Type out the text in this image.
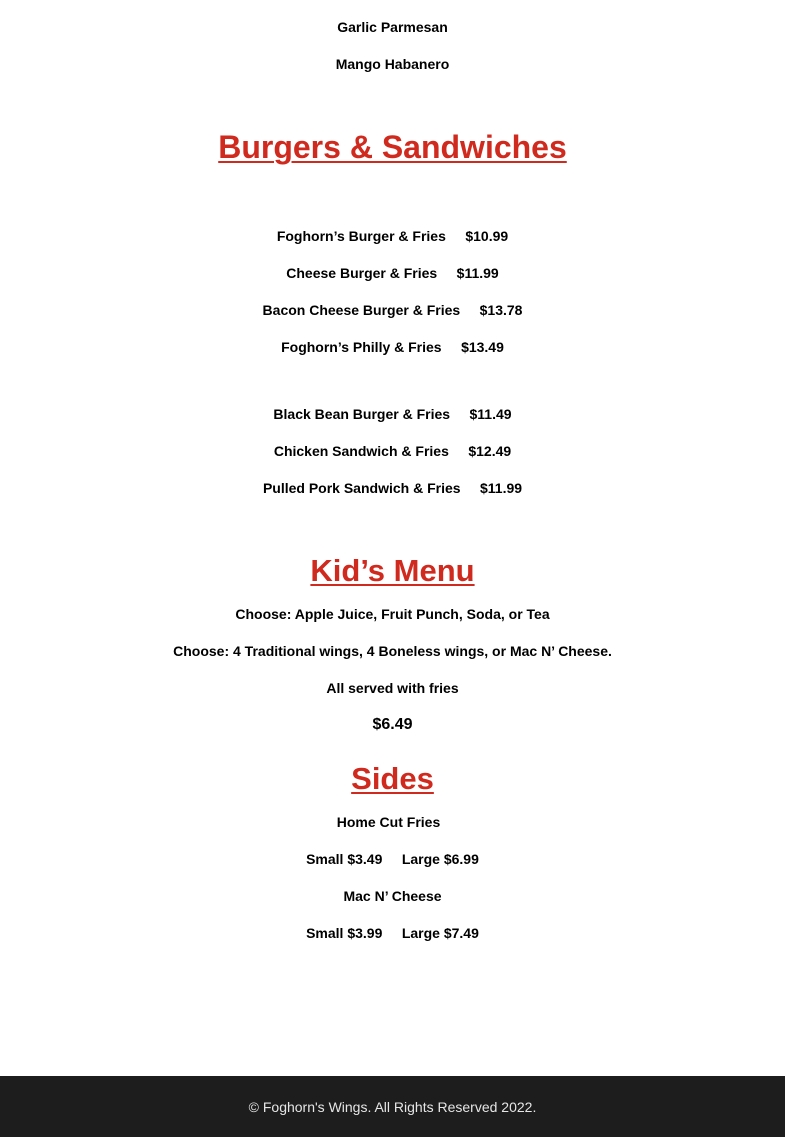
Garlic Parmesan
Mango Habanero
Burgers & Sandwiches
Foghorn’s Burger & Fries $10.99
Cheese Burger & Fries $11.99
Bacon Cheese Burger & Fries $13.78
Foghorn’s Philly & Fries $13.49
Black Bean Burger & Fries $11.49
Chicken Sandwich & Fries $12.49
Pulled Pork Sandwich & Fries $11.99
Kid’s Menu
Choose: Apple Juice, Fruit Punch, Soda, or Tea
Choose: 4 Traditional wings, 4 Boneless wings, or Mac N’ Cheese.
All served with fries
$6.49
Sides
Home Cut Fries
Small $3.49 Large $6.99
Mac N’ Cheese
Small $3.99 Large $7.49
© Foghorn's Wings. All Rights Reserved 2022.
